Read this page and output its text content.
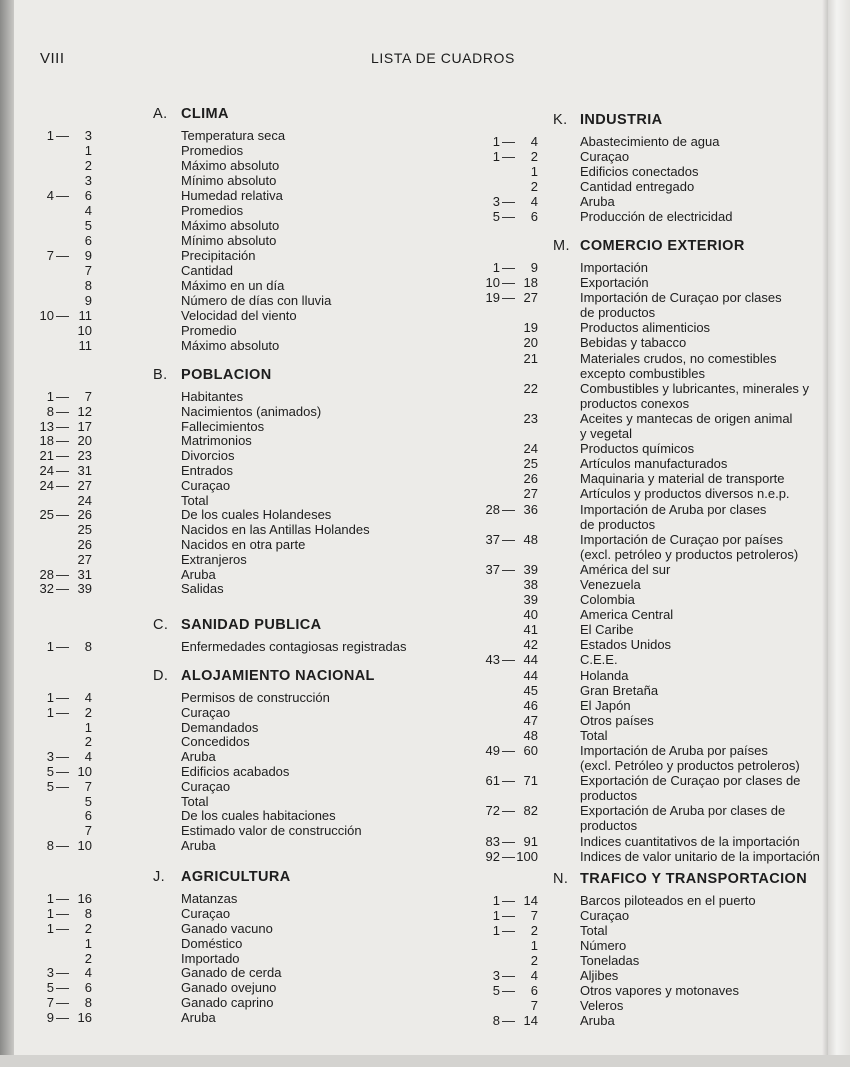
VIII	LISTA DE CUADROS
A. CLIMA
1 —	3	Temperatura seca
1	Promedios
2	Máximo absoluto
3	Mínimo absoluto
4 —	6	Humedad relativa
4	Promedios
5	Máximo absoluto
6	Mínimo absoluto
7 —	9	Precipitación
7	Cantidad
8	Máximo en un día
9	Número de días con lluvia
10 — 11	Velocidad del viento
10	Promedio
11	Máximo absoluto
B. POBLACION
1 —	7	Habitantes
8 — 12	Nacimientos (animados)
13 — 17	Fallecimientos
18 — 20	Matrimonios
21 — 23	Divorcios
24 — 31	Entrados
24 — 27	Curaçao
24	Total
25 — 26	De los cuales Holandeses
25	Nacidos en las Antillas Holandes
26	Nacidos en otra parte
27	Extranjeros
28 — 31	Aruba
32 — 39	Salidas
C. SANIDAD PUBLICA
1 —	8	Enfermedades contagiosas registradas
D. ALOJAMIENTO NACIONAL
1 —	4	Permisos de construcción
1 —	2	Curaçao
1	Demandados
2	Concedidos
3 —	4	Aruba
5 — 10	Edificios acabados
5 —	7	Curaçao
5	Total
6	De los cuales habitaciones
7	Estimado valor de construcción
8 — 10	Aruba
J. AGRICULTURA
1 — 16	Matanzas
1 —	8	Curaçao
1 —	2	Ganado vacuno
1	Doméstico
2	Importado
3 —	4	Ganado de cerda
5 —	6	Ganado ovejuno
7 —	8	Ganado caprino
9 — 16	Aruba
K. INDUSTRIA
1 —	4	Abastecimiento de agua
1 —	2	Curaçao
1	Edificios conectados
2	Cantidad entregado
3 —	4	Aruba
5 —	6	Producción de electricidad
M. COMERCIO EXTERIOR
1 —	9	Importación
10 — 18	Exportación
19 — 27	Importación de Curaçao por clases
de productos
19	Productos alimenticios
20	Bebidas y tabacco
21	Materiales crudos, no comestibles
excepto combustibles
22	Combustibles y lubricantes, minerales y
productos conexos
23	Aceites y mantecas de origen animal
y vegetal
24	Productos químicos
25	Artículos manufacturados
26	Maquinaria y material de transporte
27	Artículos y productos diversos n.e.p.
28 — 36	Importación de Aruba por clases
de productos
37 — 48	Importación de Curaçao por países
(excl. petróleo y productos petroleros)
37 — 39	América del sur
38	Venezuela
39	Colombia
40	America Central
41	El Caribe
42	Estados Unidos
43 — 44	C.E.E.
44	Holanda
45	Gran Bretaña
46	El Japón
47	Otros países
48	Total
49 — 60	Importación de Aruba por países
(excl. Petróleo y productos petroleros)
61 — 71	Exportación de Curaçao por clases de
productos
72 — 82	Exportación de Aruba por clases de
productos
83 — 91	Indices cuantitativos de la importación
92 — 100	Indices de valor unitario de la importación
N. TRAFICO Y TRANSPORTACION
1 — 14	Barcos piloteados en el puerto
1 —	7	Curaçao
1 —	2	Total
1	Número
2	Toneladas
3 —	4	Aljibes
5 —	6	Otros vapores y motonaves
7	Veleros
8 — 14	Aruba
